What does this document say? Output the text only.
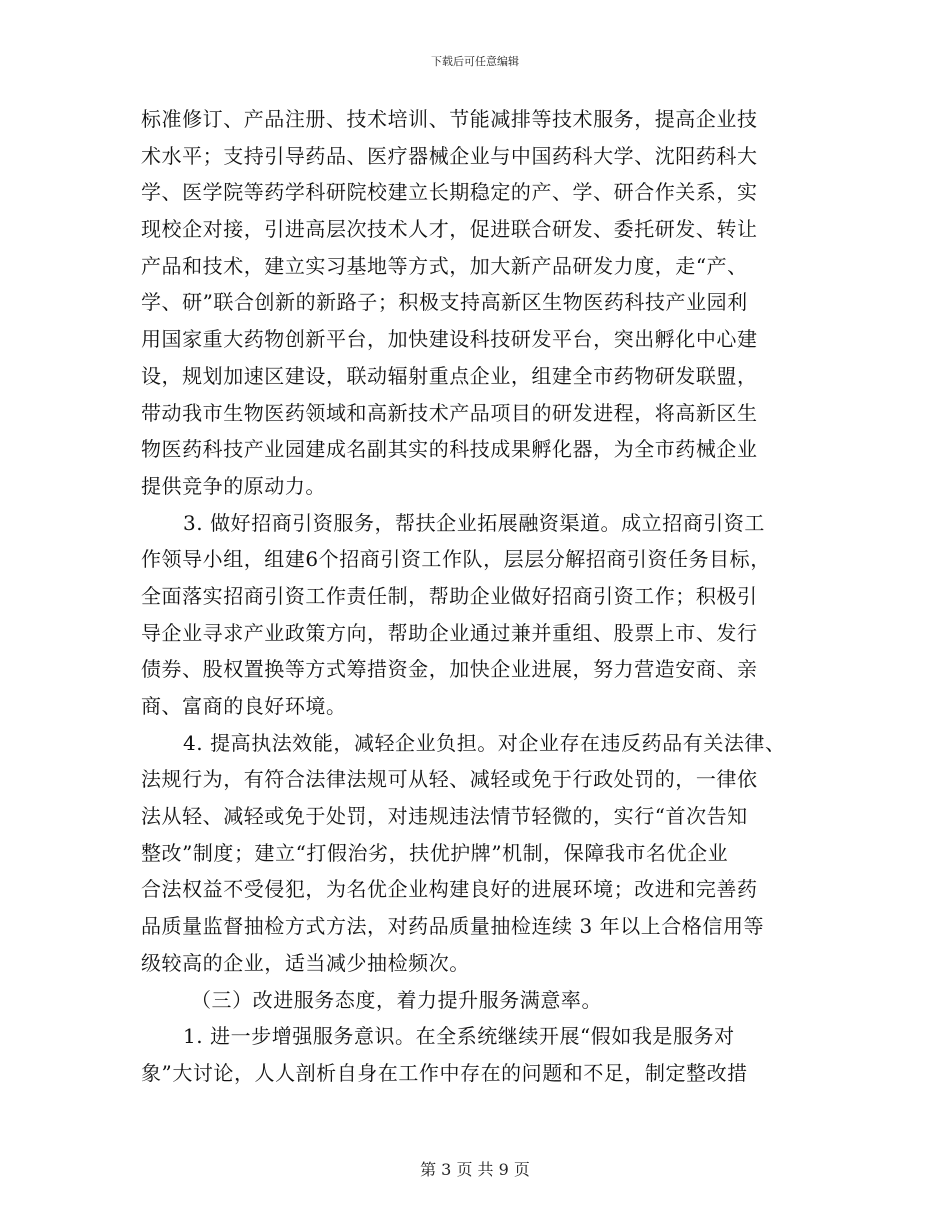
下载后可任意编辑
标准修订、产品注册、技术培训、节能减排等技术服务，提高企业技
术水平；支持引导药品、医疗器械企业与中国药科大学、沈阳药科大
学、医学院等药学科研院校建立长期稳定的产、学、研合作关系，实
现校企对接，引进高层次技术人才，促进联合研发、委托研发、转让
产品和技术，建立实习基地等方式，加大新产品研发力度，走“产、
学、研”联合创新的新路子；积极支持高新区生物医药科技产业园利
用国家重大药物创新平台，加快建设科技研发平台，突出孵化中心建
设，规划加速区建设，联动辐射重点企业，组建全市药物研发联盟，
带动我市生物医药领域和高新技术产品项目的研发进程，将高新区生
物医药科技产业园建成名副其实的科技成果孵化器，为全市药械企业
提供竞争的原动力。
3. 做好招商引资服务，帮扶企业拓展融资渠道。成立招商引资工
作领导小组，组建6个招商引资工作队，层层分解招商引资任务目标，
全面落实招商引资工作责任制，帮助企业做好招商引资工作；积极引
导企业寻求产业政策方向，帮助企业通过兼并重组、股票上市、发行
债券、股权置换等方式筹措资金，加快企业进展，努力营造安商、亲
商、富商的良好环境。
4. 提高执法效能，减轻企业负担。对企业存在违反药品有关法律、
法规行为，有符合法律法规可从轻、减轻或免于行政处罚的，一律依
法从轻、减轻或免于处罚，对违规违法情节轻微的，实行“首次告知
整改”制度；建立“打假治劣，扶优护牌”机制，保障我市名优企业
合法权益不受侵犯，为名优企业构建良好的进展环境；改进和完善药
品质量监督抽检方式方法，对药品质量抽检连续 3 年以上合格信用等
级较高的企业，适当减少抽检频次。
（三）改进服务态度，着力提升服务满意率。
1. 进一步增强服务意识。在全系统继续开展“假如我是服务对
象”大讨论，人人剖析自身在工作中存在的问题和不足，制定整改措
第 3 页 共 9 页
